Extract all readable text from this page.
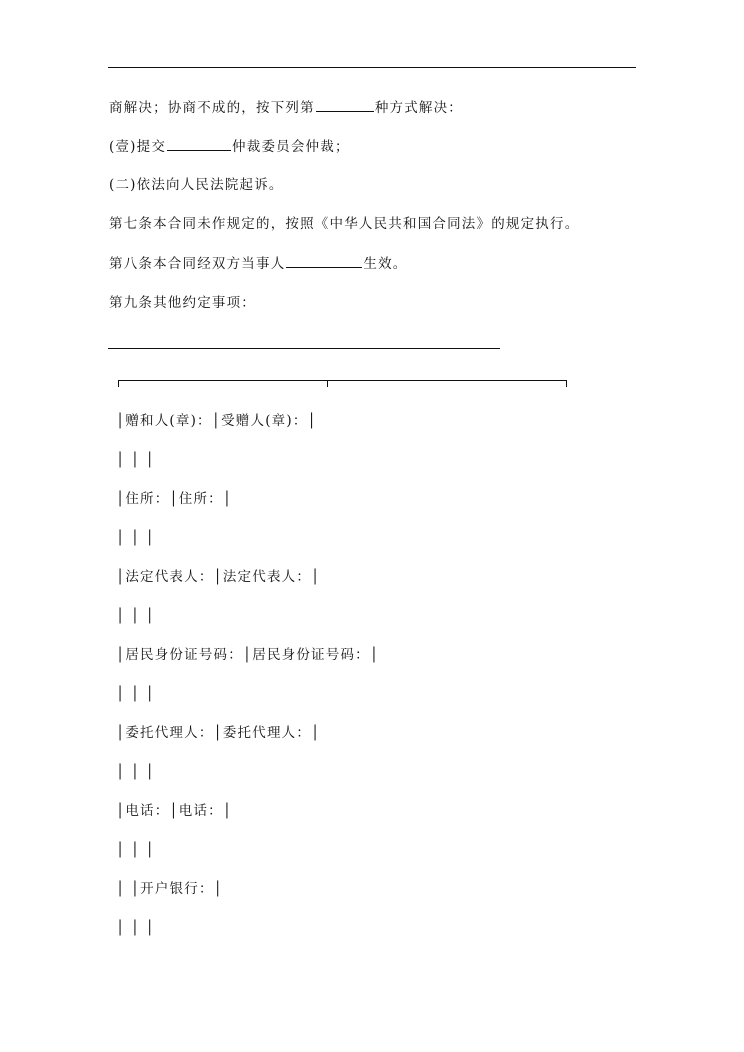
商解决；协商不成的，按下列第	种方式解决：
(壹)提交	仲裁委员会仲裁；
(二)依法向人民法院起诉。
第七条本合同未作规定的，按照《中华人民共和国合同法》的规定执行。
第八条本合同经双方当事人	生效。
第九条其他约定事项：
│赠和人(章)：│受赠人(章)：│
│ │ │
│住所：│住所：│
│ │ │
│法定代表人：│法定代表人：│
│ │ │
│居民身份证号码：│居民身份证号码：│
│ │ │
│委托代理人：│委托代理人：│
│ │ │
│电话：│电话：│
│ │ │
│ │开户银行：│
│ │ │
